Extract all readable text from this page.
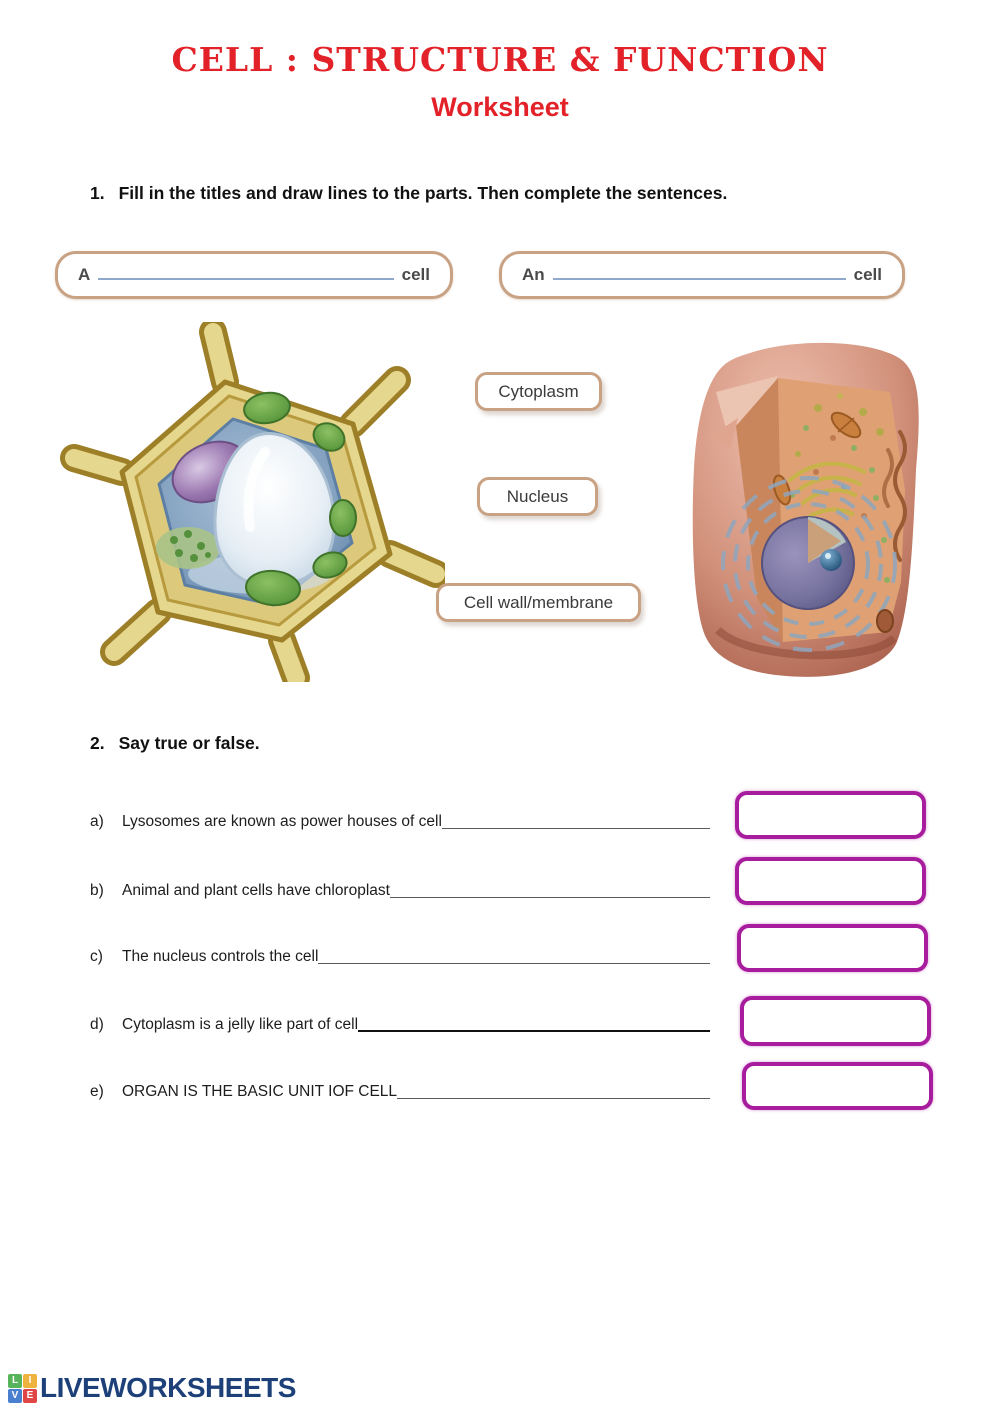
CELL : STRUCTURE & FUNCTION
Worksheet
1. Fill in the titles and draw lines to the parts. Then complete the sentences.
A	cell	An	cell
Cytoplasm
Nucleus
Cell wall/membrane
2. Say true or false.
a)	Lysosomes are known as power houses of cell
b)	Animal and plant cells have chloroplast
c)	The nucleus controls the cell
d)	Cytoplasm is a jelly like part of cell
e)	ORGAN IS THE BASIC UNIT IOF CELL
L	I
V E LIVEWORKSHEETS
